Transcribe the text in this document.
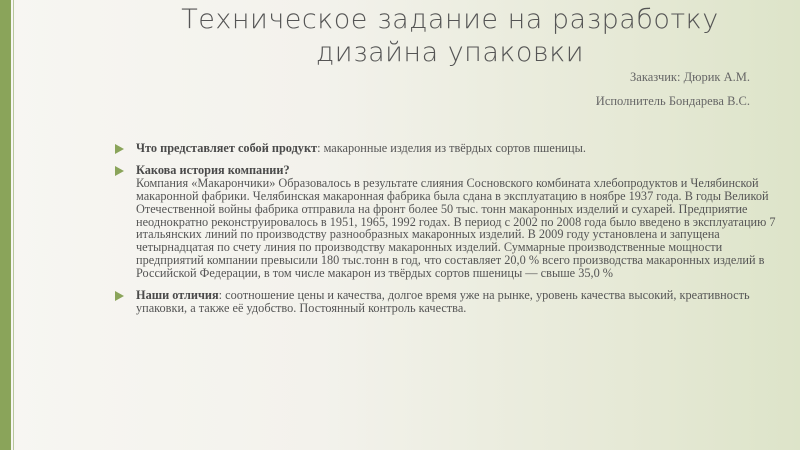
Техническое задание на разработку
дизайна упаковки
Заказчик: Дюрик А.М.
Исполнитель Бондарева В.С.
Что представляет собой продукт: макаронные изделия из твёрдых сортов пшеницы.
Какова история компании?
Компания «Макарончики» Образовалось в результате слияния Сосновского комбината хлебопродуктов и Челябинской макаронной фабрики. Челябинская макаронная фабрика была сдана в эксплуатацию в ноябре 1937 года. В годы Великой Отечественной войны фабрика отправила на фронт более 50 тыс. тонн макаронных изделий и сухарей. Предприятие неоднократно реконструировалось в 1951, 1965, 1992 годах. В период с 2002 по 2008 года было введено в эксплуатацию 7 итальянских линий по производству разнообразных макаронных изделий. В 2009 году установлена и запущена четырнадцатая по счету линия по производству макаронных изделий. Суммарные производственные мощности предприятий компании превысили 180 тыс.тонн в год, что составляет 20,0 % всего производства макаронных изделий в Российской Федерации, в том числе макарон из твёрдых сортов пшеницы — свыше 35,0 %
Наши отличия: соотношение цены и качества, долгое время уже на рынке, уровень качества высокий, креативность упаковки, а также её удобство. Постоянный контроль качества.
